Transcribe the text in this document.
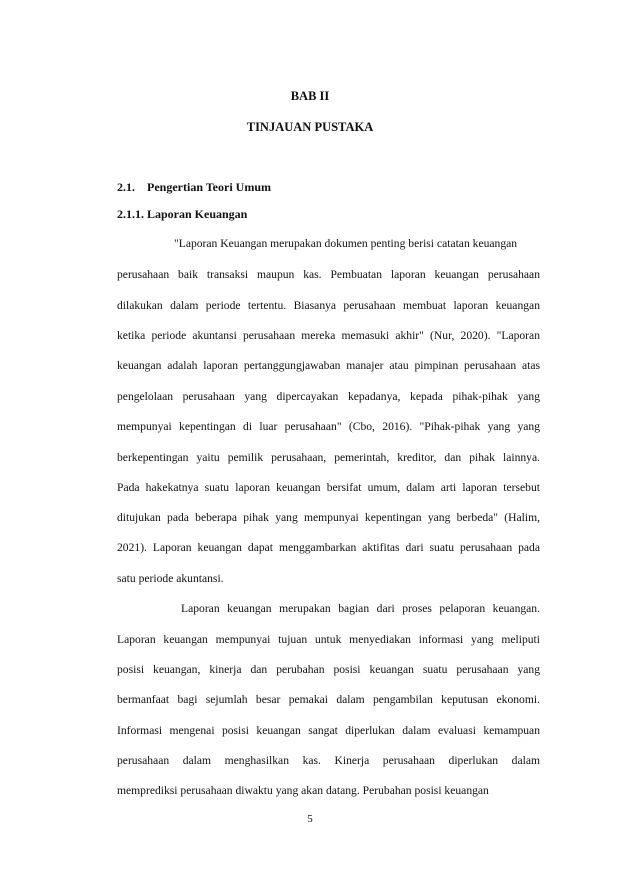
BAB II
TINJAUAN PUSTAKA
2.1. Pengertian Teori Umum
2.1.1. Laporan Keuangan
"Laporan Keuangan merupakan dokumen penting berisi catatan keuangan
perusahaan baik transaksi maupun kas. Pembuatan laporan keuangan perusahaan
dilakukan dalam periode tertentu. Biasanya perusahaan membuat laporan keuangan
ketika periode akuntansi perusahaan mereka memasuki akhir" (Nur, 2020). "Laporan
keuangan adalah laporan pertanggungjawaban manajer atau pimpinan perusahaan atas
pengelolaan perusahaan yang dipercayakan kepadanya, kepada pihak-pihak yang
mempunyai kepentingan di luar perusahaan" (Cbo, 2016). "Pihak-pihak yang yang
berkepentingan yaitu pemilik perusahaan, pemerintah, kreditor, dan pihak lainnya.
Pada hakekatnya suatu laporan keuangan bersifat umum, dalam arti laporan tersebut
ditujukan pada beberapa pihak yang mempunyai kepentingan yang berbeda" (Halim,
2021). Laporan keuangan dapat menggambarkan aktifitas dari suatu perusahaan pada
satu periode akuntansi.
Laporan keuangan merupakan bagian dari proses pelaporan keuangan.
Laporan keuangan mempunyai tujuan untuk menyediakan informasi yang meliputi
posisi keuangan, kinerja dan perubahan posisi keuangan suatu perusahaan yang
bermanfaat bagi sejumlah besar pemakai dalam pengambilan keputusan ekonomi.
Informasi mengenai posisi keuangan sangat diperlukan dalam evaluasi kemampuan
perusahaan dalam menghasilkan kas. Kinerja perusahaan diperlukan dalam
memprediksi perusahaan diwaktu yang akan datang. Perubahan posisi keuangan
5
